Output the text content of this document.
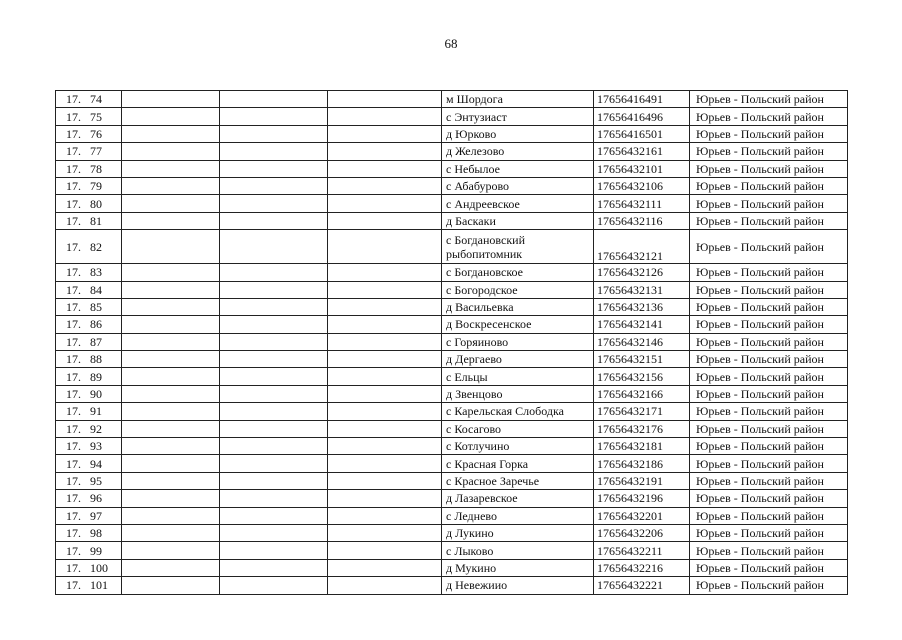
68
17. 74				м Шордога	17656416491	Юрьев - Польский район
17. 75				с Энтузиаст	17656416496	Юрьев - Польский район
17. 76				д Юрково	17656416501	Юрьев - Польский район
17. 77				д Железово	17656432161	Юрьев - Польский район
17. 78				с Небылое	17656432101	Юрьев - Польский район
17. 79				с Абабурово	17656432106	Юрьев - Польский район
17. 80				с Андреевское	17656432111	Юрьев - Польский район
17. 81				д Баскаки	17656432116	Юрьев - Польский район
17. 82				с Богдановский рыбопитомник	17656432121	Юрьев - Польский район
17. 83				с Богдановское	17656432126	Юрьев - Польский район
17. 84				с Богородское	17656432131	Юрьев - Польский район
17. 85				д Васильевка	17656432136	Юрьев - Польский район
17. 86				д Воскресенское	17656432141	Юрьев - Польский район
17. 87				с Горяиново	17656432146	Юрьев - Польский район
17. 88				д Дергаево	17656432151	Юрьев - Польский район
17. 89				с Ельцы	17656432156	Юрьев - Польский район
17. 90				д Звенцово	17656432166	Юрьев - Польский район
17. 91				с Карельская Слободка	17656432171	Юрьев - Польский район
17. 92				с Косагово	17656432176	Юрьев - Польский район
17. 93				с Котлучино	17656432181	Юрьев - Польский район
17. 94				с Красная Горка	17656432186	Юрьев - Польский район
17. 95				с Красное Заречье	17656432191	Юрьев - Польский район
17. 96				д Лазаревское	17656432196	Юрьев - Польский район
17. 97				с Леднево	17656432201	Юрьев - Польский район
17. 98				д Лукино	17656432206	Юрьев - Польский район
17. 99				с Лыково	17656432211	Юрьев - Польский район
17. 100				д Мукино	17656432216	Юрьев - Польский район
17. 101				д Невежиио	17656432221	Юрьев - Польский район
